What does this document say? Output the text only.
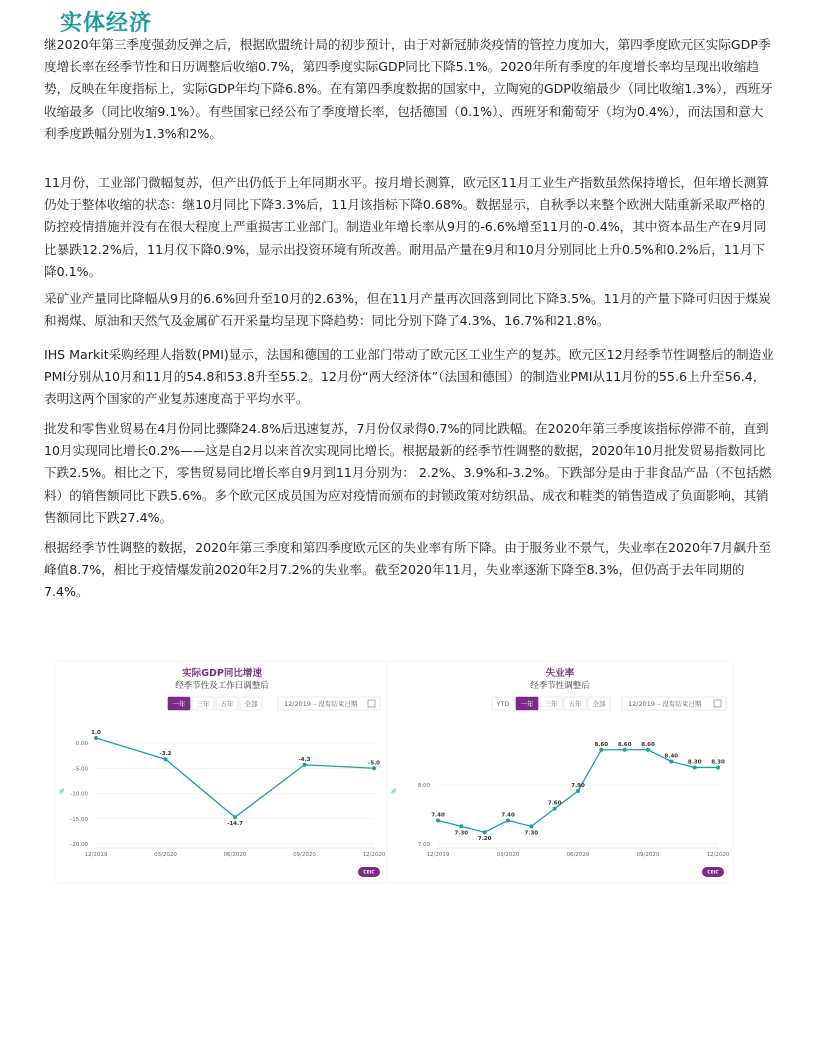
实体经济

继2020年第三季度强劲反弹之后，根据欧盟统计局的初步预计，由于对新冠肺炎疫情的管控力度加大，第四季度欧元区实际GDP季度增长率在经季节性和日历调整后收缩0.7%，第四季度实际GDP同比下降5.1%。2020年所有季度的年度增长率均呈现出收缩趋势，反映在年度指标上，实际GDP年均下降6.8%。在有第四季度数据的国家中，立陶宛的GDP收缩最少（同比收缩1.3%），西班牙收缩最多（同比收缩9.1%）。有些国家已经公布了季度增长率，包括德国（0.1%）、西班牙和葡萄牙（均为0.4%），而法国和意大利季度跌幅分别为1.3%和2%。

11月份，工业部门微幅复苏，但产出仍低于上年同期水平。按月增长测算，欧元区11月工业生产指数虽然保持增长，但年增长测算仍处于整体收缩的状态：继10月同比下降3.3%后，11月该指标下降0.68%。数据显示，自秋季以来整个欧洲大陆重新采取严格的防控疫情措施并没有在很大程度上严重损害工业部门。制造业年增长率从9月的-6.6%增至11月的-0.4%，其中资本品生产在9月同比暴跌12.2%后，11月仅下降0.9%，显示出投资环境有所改善。耐用品产量在9月和10月分别同比上升0.5%和0.2%后，11月下降0.1%。

采矿业产量同比降幅从9月的6.6%回升至10月的2.63%，但在11月产量再次回落到同比下降3.5%。11月的产量下降可归因于煤炭和褐煤、原油和天然气及金属矿石开采量均呈现下降趋势：同比分别下降了4.3%、16.7%和21.8%。

IHS Markit采购经理人指数(PMI)显示，法国和德国的工业部门带动了欧元区工业生产的复苏。欧元区12月经季节性调整后的制造业PMI分别从10月和11月的54.8和53.8升至55.2。12月份“两大经济体”（法国和德国）的制造业PMI从11月份的55.6上升至56.4，表明这两个国家的产业复苏速度高于平均水平。

批发和零售业贸易在4月份同比骤降24.8%后迅速复苏，7月份仅录得0.7%的同比跌幅。在2020年第三季度该指标停滞不前，直到10月实现同比增长0.2%——这是自2月以来首次实现同比增长。根据最新的经季节性调整的数据，2020年10月批发贸易指数同比下跌2.5%。相比之下，零售贸易同比增长率自9月到11月分别为： 2.2%、3.9%和-3.2%。下跌部分是由于非食品产品（不包括燃料）的销售额同比下跌5.6%。多个欧元区成员国为应对疫情而颁布的封锁政策对纺织品、成衣和鞋类的销售造成了负面影响，其销售额同比下跌27.4%。

根据经季节性调整的数据，2020年第三季度和第四季度欧元区的失业率有所下降。由于服务业不景气，失业率在2020年7月飙升至峰值8.7%，相比于疫情爆发前2020年2月7.2%的失业率。截至2020年11月，失业率逐渐下降至8.3%，但仍高于去年同期的7.4%。

实际GDP同比增速
经季节性及工作日调整后
一年 三年 五年 全部	12/2019 – 没有结束日期
0.00
-5.00
-10.00
-15.00
-20.00
%
12/2019	03/2020	06/2020	09/2020	12/2020
1.0
-3.2
-14.7
-4.3
-5.0
CEIC
失业率
经季节性调整后
YTD 一年 三年 五年 全部	12/2019 – 没有结束日期
8.00
7.00
%
12/2019	03/2020	06/2020	09/2020	12/2020
7.40
7.30
7.20
7.40
7.30
7.60
7.90
8.60 8.60 8.60
8.40
8.30 8.30
CEIC
